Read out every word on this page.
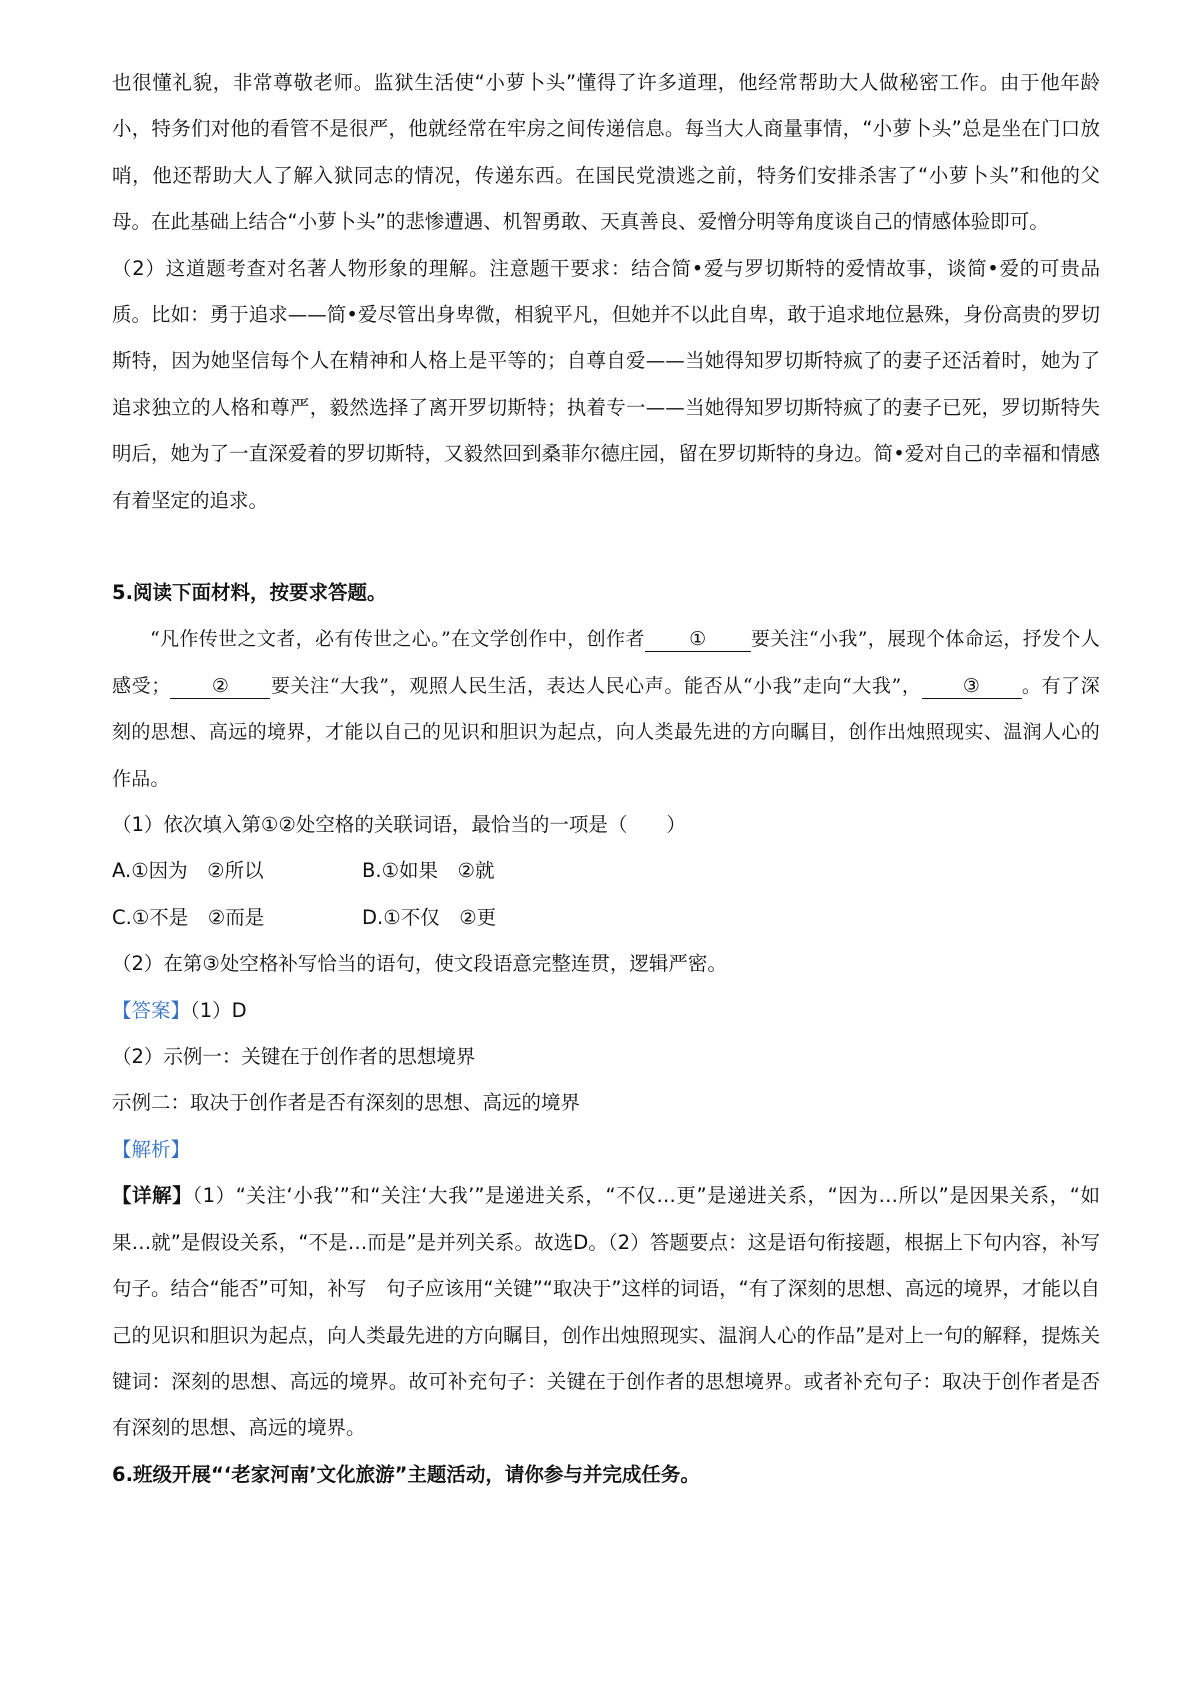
也很懂礼貌，非常尊敬老师。监狱生活使“小萝卜头”懂得了许多道理，他经常帮助大人做秘密工作。由于他年龄小，特务们对他的看管不是很严，他就经常在牢房之间传递信息。每当大人商量事情，“小萝卜头”总是坐在门口放哨，他还帮助大人了解入狱同志的情况，传递东西。在国民党溃逃之前，特务们安排杀害了“小萝卜头”和他的父母。在此基础上结合“小萝卜头”的悲惨遭遇、机智勇敢、天真善良、爱憎分明等角度谈自己的情感体验即可。

（2）这道题考查对名著人物形象的理解。注意题干要求：结合简•爱与罗切斯特的爱情故事，谈简•爱的可贵品质。比如：勇于追求——简•爱尽管出身卑微，相貌平凡，但她并不以此自卑，敢于追求地位悬殊，身份高贵的罗切斯特，因为她坚信每个人在精神和人格上是平等的；自尊自爱——当她得知罗切斯特疯了的妻子还活着时，她为了追求独立的人格和尊严，毅然选择了离开罗切斯特；执着专一——当她得知罗切斯特疯了的妻子已死，罗切斯特失明后，她为了一直深爱着的罗切斯特，又毅然回到桑菲尔德庄园，留在罗切斯特的身边。简•爱对自己的幸福和情感有着坚定的追求。

5.阅读下面材料，按要求答题。

“凡作传世之文者，必有传世之心。”在文学创作中，创作者 ① 要关注“小我”，展现个体命运，抒发个人感受； ② 要关注“大我”，观照人民生活，表达人民心声。能否从“小我”走向“大我”， ③ 。有了深刻的思想、高远的境界，才能以自己的见识和胆识为起点，向人类最先进的方向瞩目，创作出烛照现实、温润人心的作品。

（1）依次填入第①②处空格的关联词语，最恰当的一项是（　　）

A.①因为　②所以	B.①如果　②就
C.①不是　②而是	D.①不仅　②更

（2）在第③处空格补写恰当的语句，使文段语意完整连贯，逻辑严密。

【答案】（1）D

（2）示例一：关键在于创作者的思想境界

示例二：取决于创作者是否有深刻的思想、高远的境界

【解析】

【详解】（1）“关注‘小我’”和“关注‘大我’”是递进关系，“不仅…更”是递进关系，“因为…所以”是因果关系，“如果…就”是假设关系，“不是…而是”是并列关系。故选D。（2）答题要点：这是语句衔接题，根据上下句内容，补写句子。结合“能否”可知，补写　句子应该用“关键”“取决于”这样的词语，“有了深刻的思想、高远的境界，才能以自己的见识和胆识为起点，向人类最先进的方向瞩目，创作出烛照现实、温润人心的作品”是对上一句的解释，提炼关键词：深刻的思想、高远的境界。故可补充句子：关键在于创作者的思想境界。或者补充句子：取决于创作者是否有深刻的思想、高远的境界。

6.班级开展“‘老家河南’文化旅游”主题活动，请你参与并完成任务。
